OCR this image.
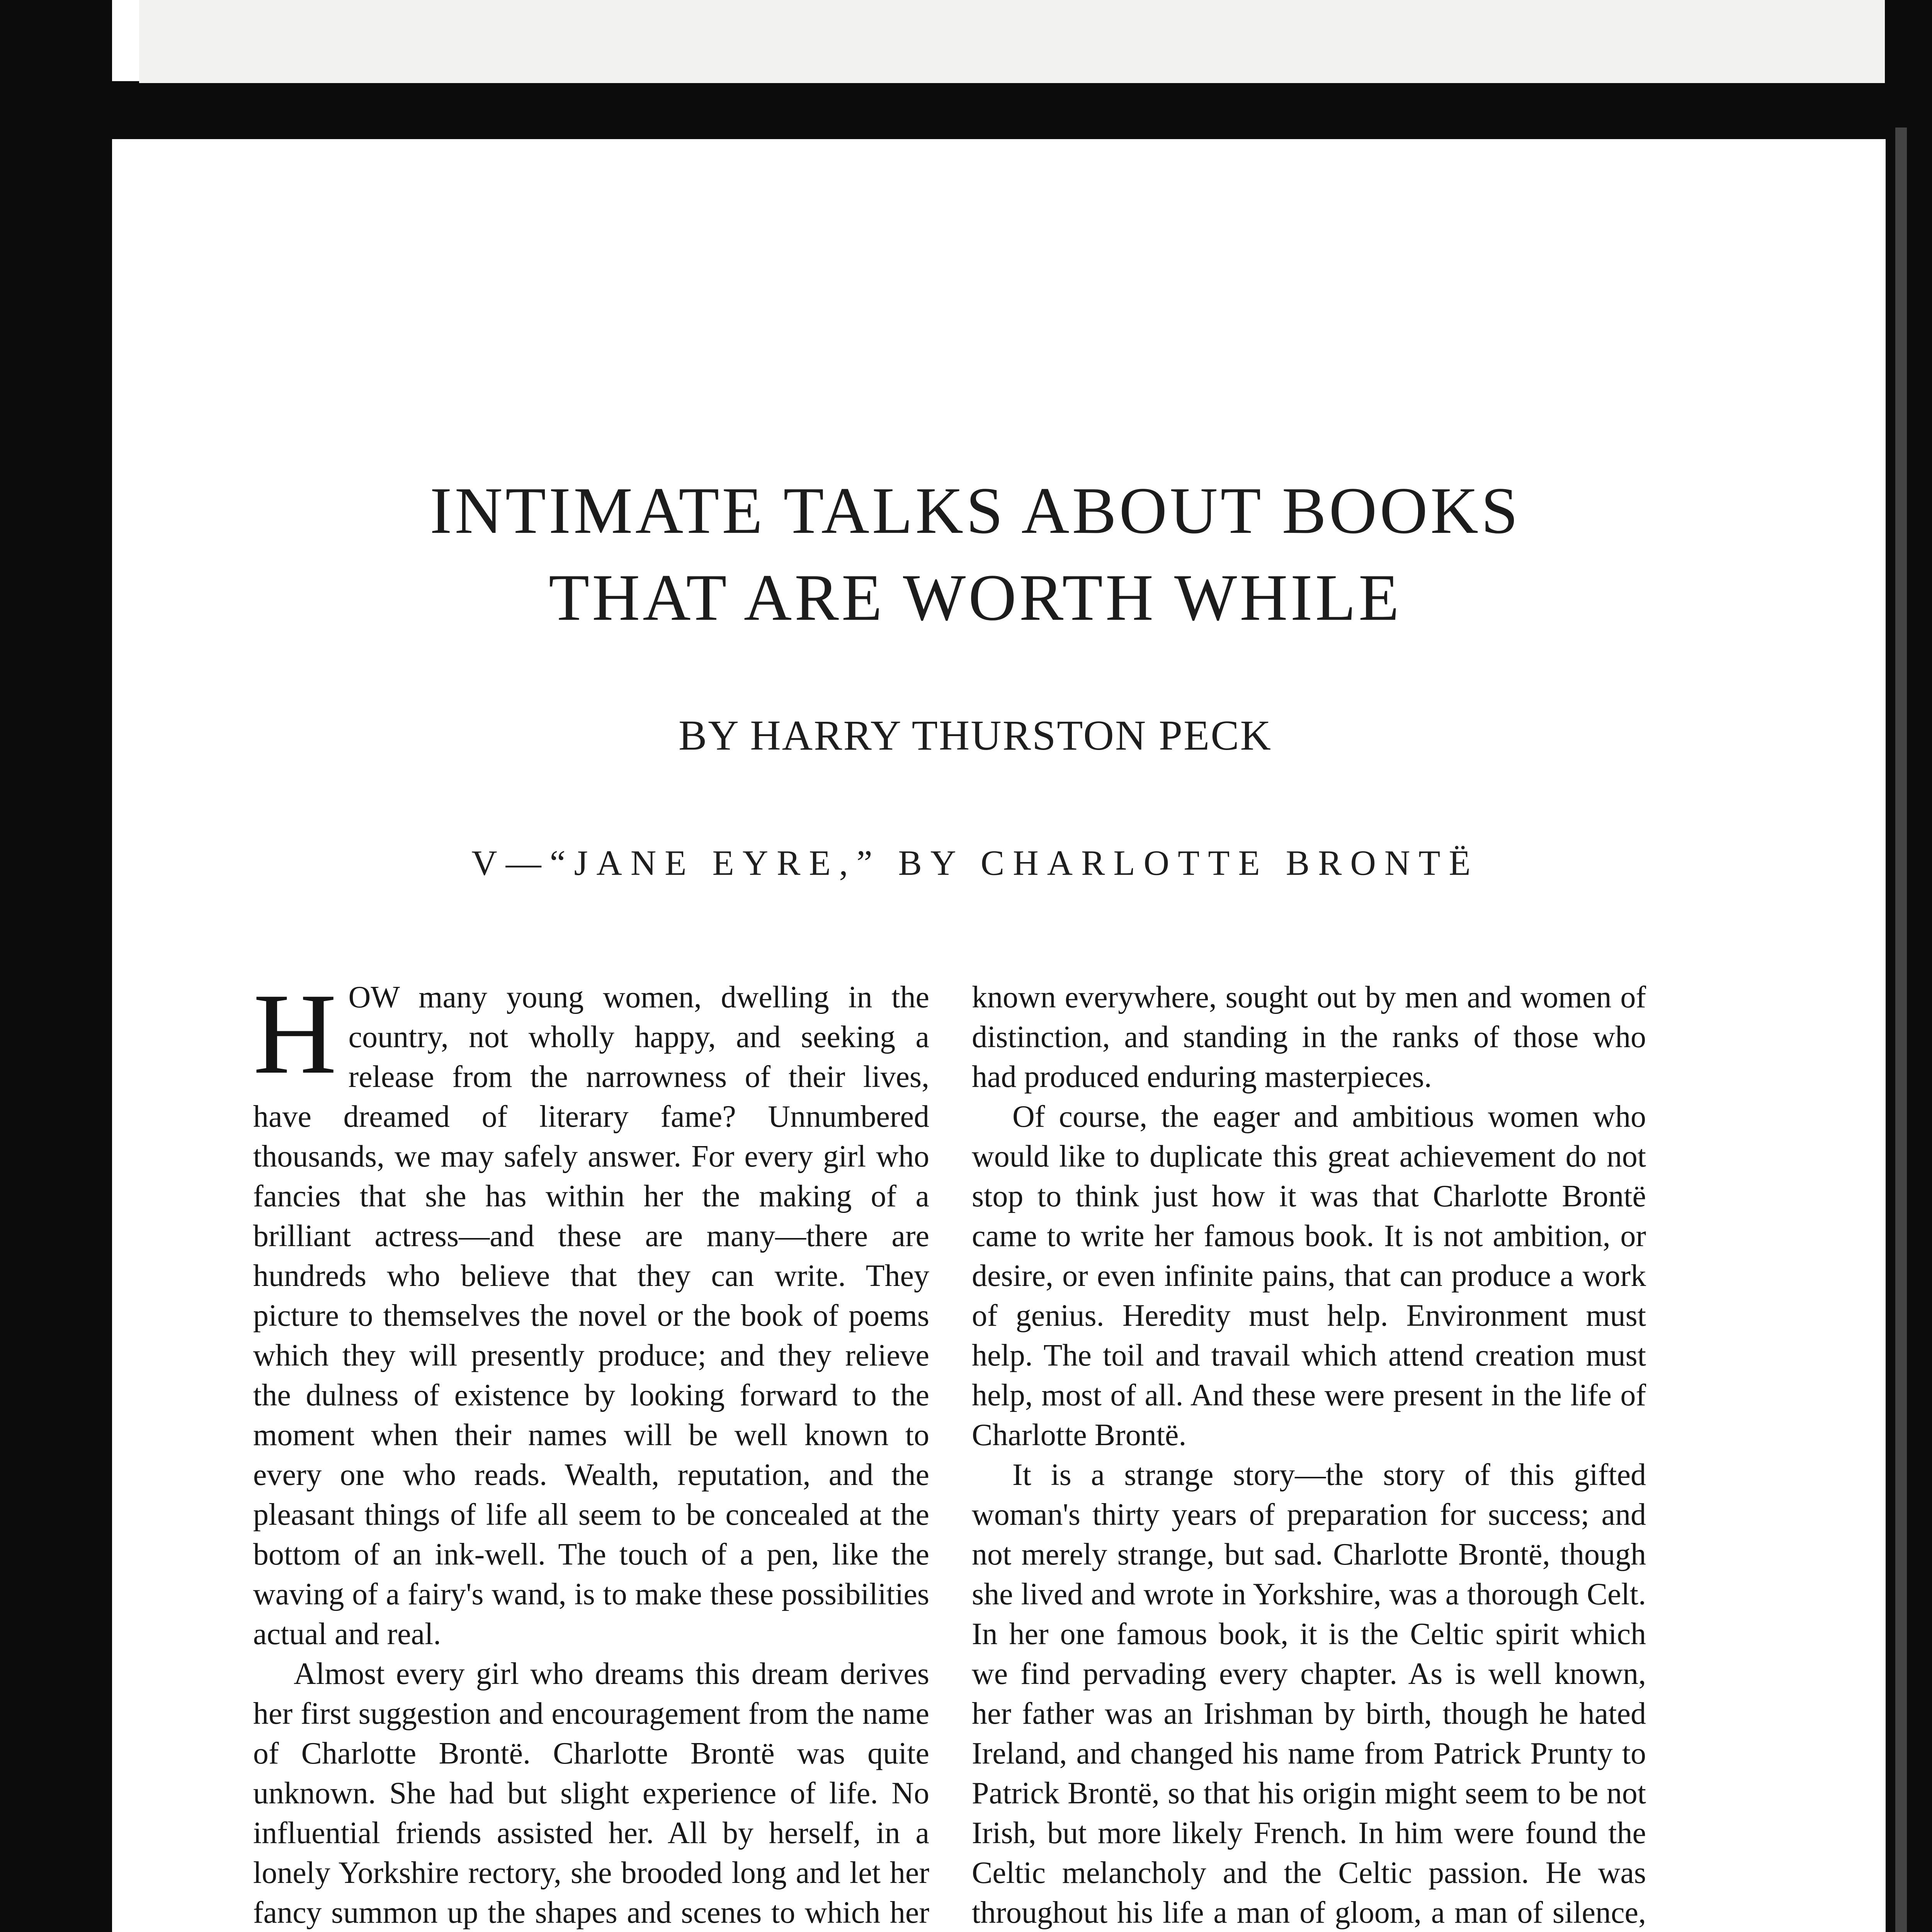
INTIMATE TALKS ABOUT BOOKS
THAT ARE WORTH WHILE
BY HARRY THURSTON PECK
V—“JANE EYRE,” BY CHARLOTTE BRONTË

H OW many young women, dwelling in the country, not wholly happy, and seeking a release from the narrowness of their lives, have dreamed of literary fame? Unnumbered thousands, we may safely answer. For every girl who fancies that she has within her the making of a brilliant actress—and these are many—there are hundreds who believe that they can write. They picture to themselves the novel or the book of poems which they will presently produce; and they relieve the dulness of existence by looking forward to the moment when their names will be well known to every one who reads. Wealth, reputation, and the pleasant things of life all seem to be concealed at the bottom of an ink-well. The touch of a pen, like the waving of a fairy's wand, is to make these possibilities actual and real.

Almost every girl who dreams this dream derives her first suggestion and encouragement from the name of Charlotte Brontë. Charlotte Brontë was quite unknown. She had but slight experience of life. No influential friends assisted her. All by herself, in a lonely Yorkshire rectory, she brooded long and let her fancy summon up the shapes and scenes to which her

known everywhere, sought out by men and women of distinction, and standing in the ranks of those who had produced enduring masterpieces.

Of course, the eager and ambitious women who would like to duplicate this great achievement do not stop to think just how it was that Charlotte Brontë came to write her famous book. It is not ambition, or desire, or even infinite pains, that can produce a work of genius. Heredity must help. Environment must help. The toil and travail which attend creation must help, most of all. And these were present in the life of Charlotte Brontë.

It is a strange story—the story of this gifted woman's thirty years of preparation for success; and not merely strange, but sad. Charlotte Brontë, though she lived and wrote in Yorkshire, was a thorough Celt. In her one famous book, it is the Celtic spirit which we find pervading every chapter. As is well known, her father was an Irishman by birth, though he hated Ireland, and changed his name from Patrick Prunty to Patrick Brontë, so that his origin might seem to be not Irish, but more likely French. In him were found the Celtic melancholy and the Celtic passion. He was throughout his life a man of gloom, a man of silence,
